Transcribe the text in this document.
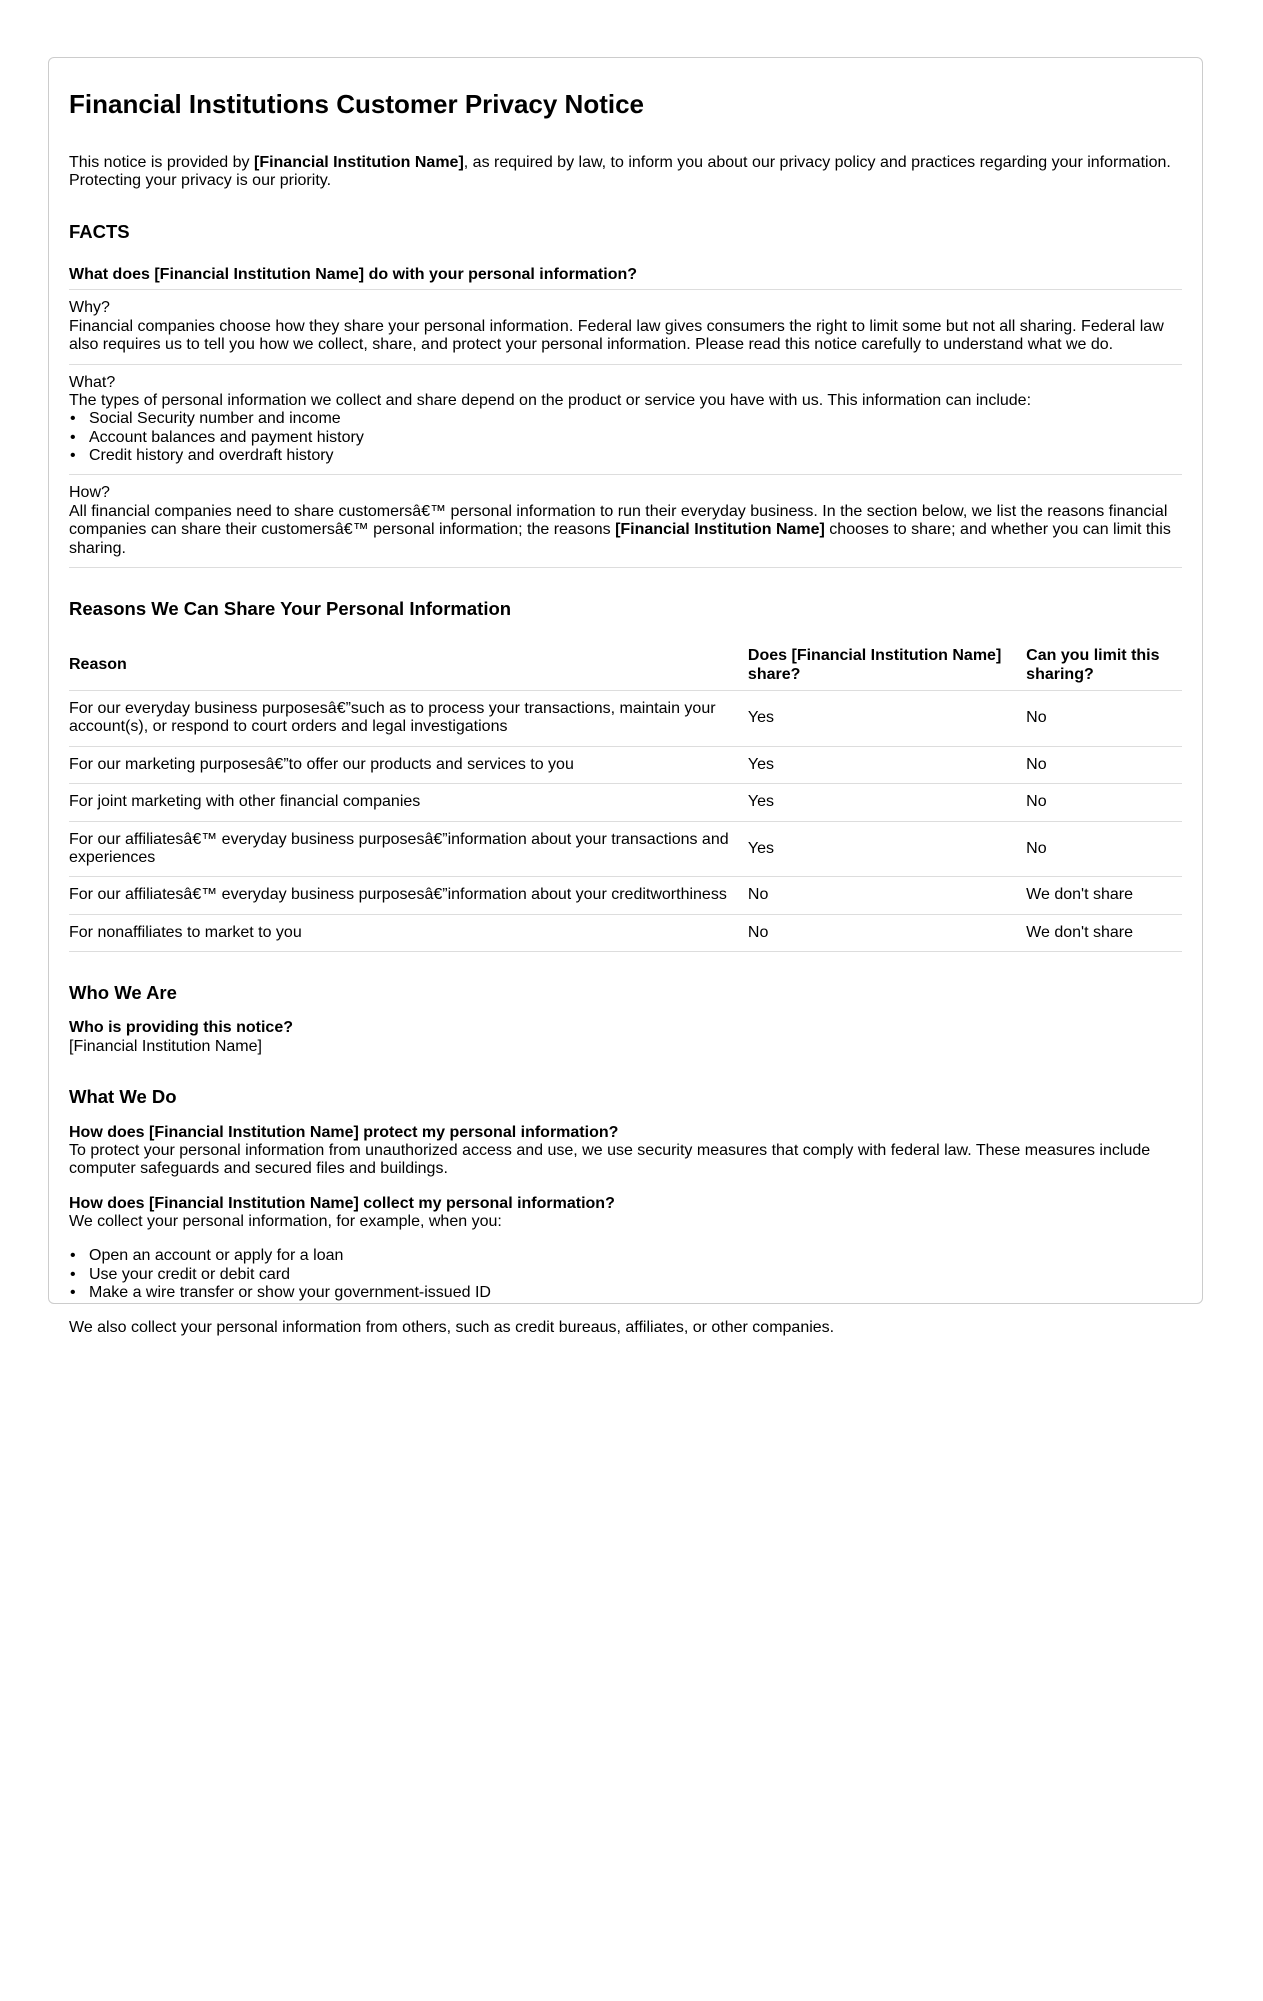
Financial Institutions Customer Privacy Notice

This notice is provided by [Financial Institution Name], as required by law, to inform you about our privacy policy and practices regarding your information. Protecting your privacy is our priority.

FACTS
What does [Financial Institution Name] do with your personal information?
Why?
Financial companies choose how they share your personal information. Federal law gives consumers the right to limit some but not all sharing. Federal law also requires us to tell you how we collect, share, and protect your personal information. Please read this notice carefully to understand what we do.
What?
The types of personal information we collect and share depend on the product or service you have with us. This information can include:
• Social Security number and income
• Account balances and payment history
• Credit history and overdraft history
How?
All financial companies need to share customersâ€™ personal information to run their everyday business. In the section below, we list the reasons financial companies can share their customersâ€™ personal information; the reasons [Financial Institution Name] chooses to share; and whether you can limit this sharing.
Reasons We Can Share Your Personal Information
Reason	Does [Financial Institution Name] share?	Can you limit this sharing?
For our everyday business purposesâ€”such as to process your transactions, maintain your account(s), or respond to court orders and legal investigations	Yes	No
For our marketing purposesâ€”to offer our products and services to you	Yes	No
For joint marketing with other financial companies	Yes	No
For our affiliatesâ€™ everyday business purposesâ€”information about your transactions and experiences	Yes	No
For our affiliatesâ€™ everyday business purposesâ€”information about your creditworthiness	No	We don't share
For nonaffiliates to market to you	No	We don't share
Who We Are
Who is providing this notice?
[Financial Institution Name]
What We Do
How does [Financial Institution Name] protect my personal information?
To protect your personal information from unauthorized access and use, we use security measures that comply with federal law. These measures include computer safeguards and secured files and buildings.
How does [Financial Institution Name] collect my personal information?
We collect your personal information, for example, when you:
• Open an account or apply for a loan
• Use your credit or debit card
• Make a wire transfer or show your government-issued ID

We also collect your personal information from others, such as credit bureaus, affiliates, or other companies.
